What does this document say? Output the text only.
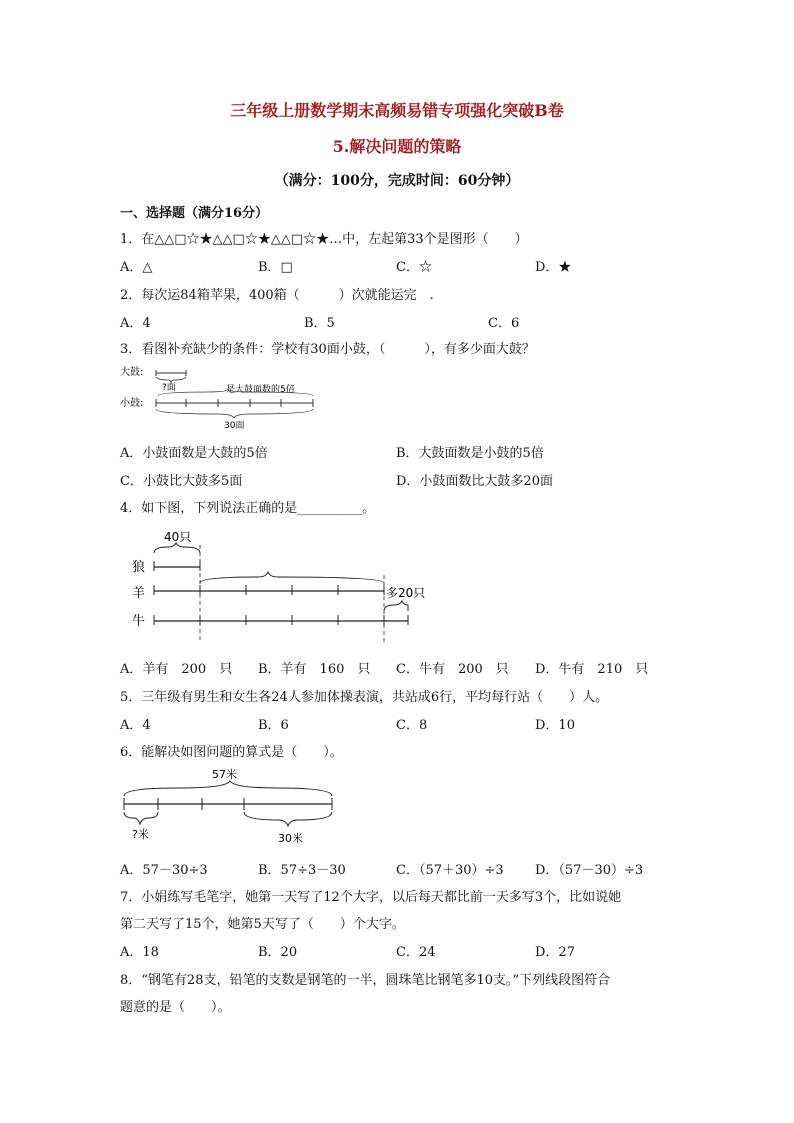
三年级上册数学期末高频易错专项强化突破B卷
5.解决问题的策略
（满分：100分，完成时间：60分钟）
一、选择题（满分16分）
1．在△△□☆★△△□☆★△△□☆★…中，左起第33个是图形（　　）
A．△	B．□	C．☆	D．★
2．每次运84箱苹果，400箱（　　　）次就能运完　.
A．4	B．5	C．6
3．看图补充缺少的条件：学校有30面小鼓，（　　　），有多少面大鼓？
大鼓:
?面	是大鼓面数的5倍
小鼓:
30面
A．小鼓面数是大鼓的5倍	B．大鼓面数是小鼓的5倍
C．小鼓比大鼓多5面	D．小鼓面数比大鼓多20面
4．如下图，下列说法正确的是__________。
40只
狼
羊	多20只
牛
A．羊有　200　只 B．羊有　160　只 C．牛有　200　只 D．牛有　210　只
5．三年级有男生和女生各24人参加体操表演，共站成6行，平均每行站（　　）人。
A．4	B．6	C．8	D．10
6．能解决如图问题的算式是（　　）。
57米
?米	30米
A．57－30÷3	B．57÷3－30	C．（57＋30）÷3 D．（57－30）÷3
7．小娟练写毛笔字，她第一天写了12个大字，以后每天都比前一天多写3个，比如说她
第二天写了15个，她第5天写了（　　）个大字。
A．18	B．20	C．24	D．27
8．“钢笔有28支，铅笔的支数是钢笔的一半，圆珠笔比钢笔多10支。”下列线段图符合
题意的是（　　）。
